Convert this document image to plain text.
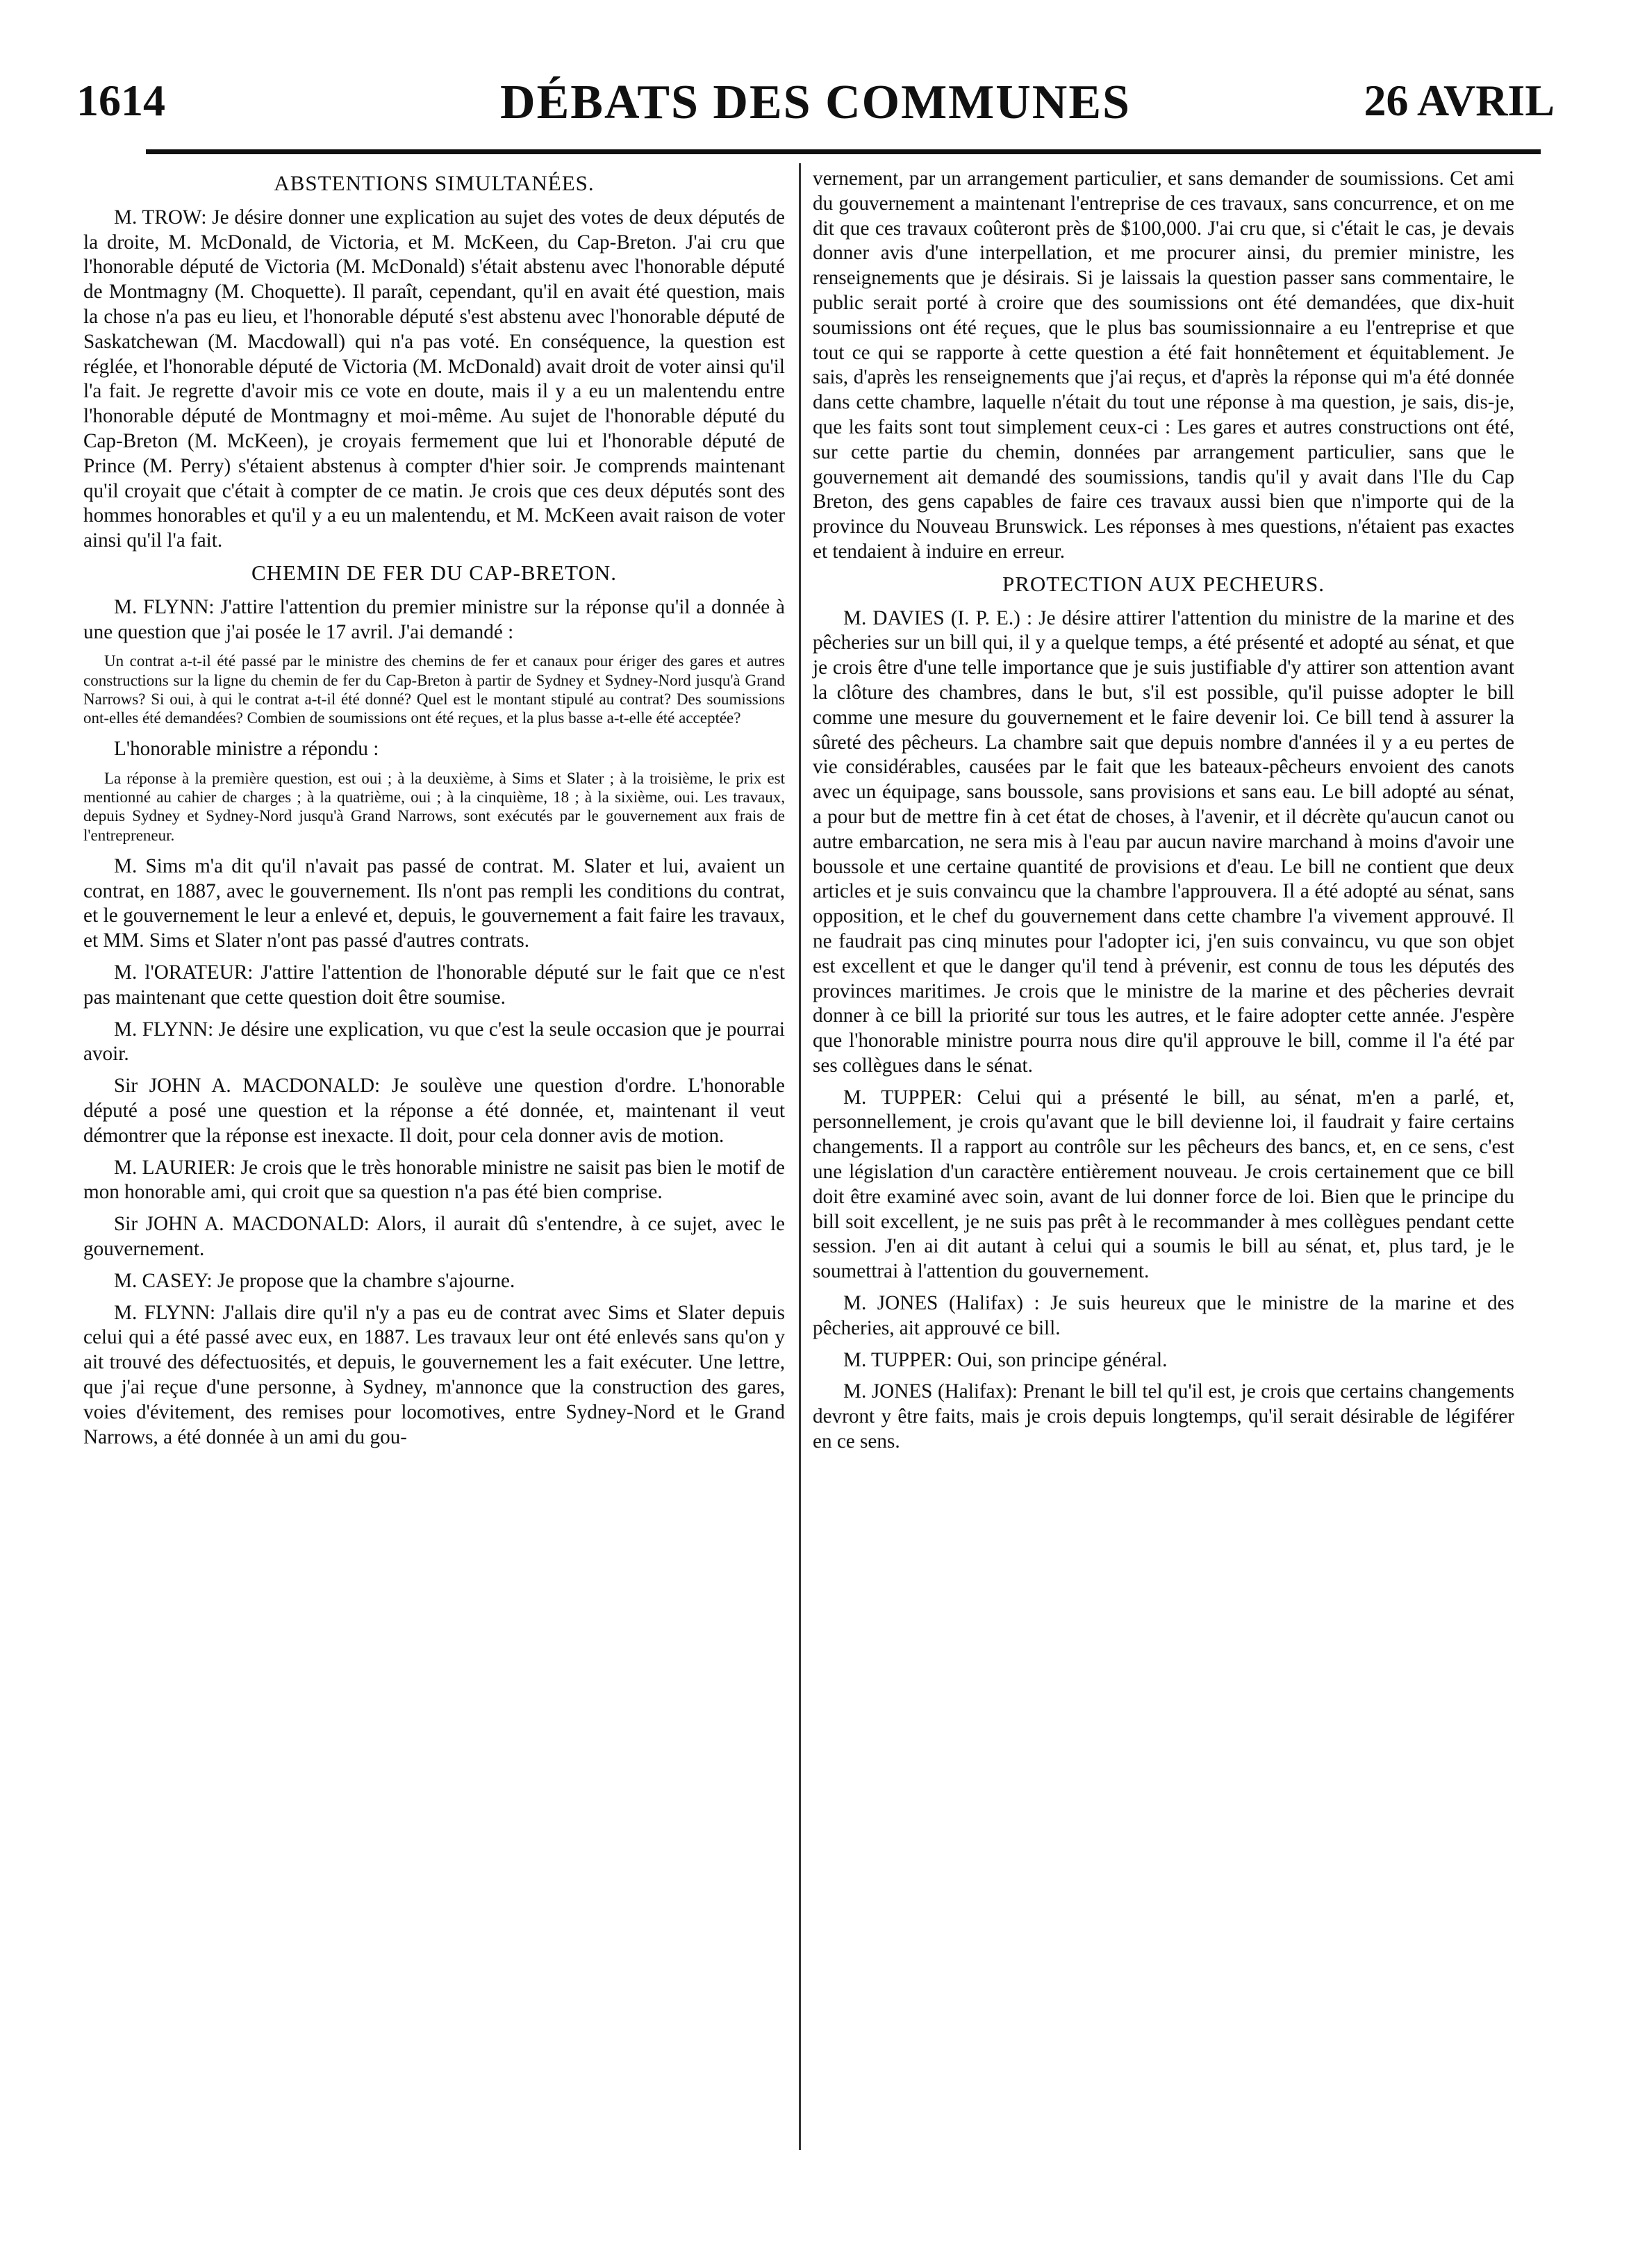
1614	DÉBATS DES COMMUNES	26 AVRIL
ABSTENTIONS SIMULTANÉES.

M. TROW: Je désire donner une explication au sujet des votes de deux députés de la droite, M. McDonald, de Victoria, et M. McKeen, du Cap-Breton. J'ai cru que l'honorable député de Victoria (M. McDonald) s'était abstenu avec l'honorable député de Montmagny (M. Choquette). Il paraît, cependant, qu'il en avait été question, mais la chose n'a pas eu lieu, et l'honorable député s'est abstenu avec l'honorable député de Saskatchewan (M. Macdowall) qui n'a pas voté. En conséquence, la question est réglée, et l'honorable député de Victoria (M. McDonald) avait droit de voter ainsi qu'il l'a fait. Je regrette d'avoir mis ce vote en doute, mais il y a eu un malentendu entre l'honorable député de Montmagny et moi-même. Au sujet de l'honorable député du Cap-Breton (M. McKeen), je croyais fermement que lui et l'honorable député de Prince (M. Perry) s'étaient abstenus à compter d'hier soir. Je comprends maintenant qu'il croyait que c'était à compter de ce matin. Je crois que ces deux députés sont des hommes honorables et qu'il y a eu un malentendu, et M. McKeen avait raison de voter ainsi qu'il l'a fait.

CHEMIN DE FER DU CAP-BRETON.

M. FLYNN: J'attire l'attention du premier ministre sur la réponse qu'il a donnée à une question que j'ai posée le 17 avril. J'ai demandé :

Un contrat a-t-il été passé par le ministre des chemins de fer et canaux pour ériger des gares et autres constructions sur la ligne du chemin de fer du Cap-Breton à partir de Sydney et Sydney-Nord jusqu'à Grand Narrows? Si oui, à qui le contrat a-t-il été donné? Quel est le montant stipulé au contrat? Des soumissions ont-elles été demandées? Combien de soumissions ont été reçues, et la plus basse a-t-elle été acceptée?

L'honorable ministre a répondu :

La réponse à la première question, est oui ; à la deuxième, à Sims et Slater ; à la troisième, le prix est mentionné au cahier de charges ; à la quatrième, oui ; à la cinquième, 18 ; à la sixième, oui. Les travaux, depuis Sydney et Sydney-Nord jusqu'à Grand Narrows, sont exécutés par le gouvernement aux frais de l'entrepreneur.

M. Sims m'a dit qu'il n'avait pas passé de contrat. M. Slater et lui, avaient un contrat, en 1887, avec le gouvernement. Ils n'ont pas rempli les conditions du contrat, et le gouvernement le leur a enlevé et, depuis, le gouvernement a fait faire les travaux, et MM. Sims et Slater n'ont pas passé d'autres contrats.

M. l'ORATEUR: J'attire l'attention de l'honorable député sur le fait que ce n'est pas maintenant que cette question doit être soumise.

M. FLYNN: Je désire une explication, vu que c'est la seule occasion que je pourrai avoir.

Sir JOHN A. MACDONALD: Je soulève une question d'ordre. L'honorable député a posé une question et la réponse a été donnée, et, maintenant il veut démontrer que la réponse est inexacte. Il doit, pour cela donner avis de motion.

M. LAURIER: Je crois que le très honorable ministre ne saisit pas bien le motif de mon honorable ami, qui croit que sa question n'a pas été bien comprise.

Sir JOHN A. MACDONALD: Alors, il aurait dû s'entendre, à ce sujet, avec le gouvernement.

M. CASEY: Je propose que la chambre s'ajourne.

M. FLYNN: J'allais dire qu'il n'y a pas eu de contrat avec Sims et Slater depuis celui qui a été passé avec eux, en 1887. Les travaux leur ont été enlevés sans qu'on y ait trouvé des défectuosités, et depuis, le gouvernement les a fait exécuter. Une lettre, que j'ai reçue d'une personne, à Sydney, m'annonce que la construction des gares, voies d'évitement, des remises pour locomotives, entre Sydney-Nord et le Grand Narrows, a été donnée à un ami du gou-

vernement, par un arrangement particulier, et sans demander de soumissions. Cet ami du gouvernement a maintenant l'entreprise de ces travaux, sans concurrence, et on me dit que ces travaux coûteront près de $100,000. J'ai cru que, si c'était le cas, je devais donner avis d'une interpellation, et me procurer ainsi, du premier ministre, les renseignements que je désirais. Si je laissais la question passer sans commentaire, le public serait porté à croire que des soumissions ont été demandées, que dix-huit soumissions ont été reçues, que le plus bas soumissionnaire a eu l'entreprise et que tout ce qui se rapporte à cette question a été fait honnêtement et équitablement. Je sais, d'après les renseignements que j'ai reçus, et d'après la réponse qui m'a été donnée dans cette chambre, laquelle n'était du tout une réponse à ma question, je sais, dis-je, que les faits sont tout simplement ceux-ci : Les gares et autres constructions ont été, sur cette partie du chemin, données par arrangement particulier, sans que le gouvernement ait demandé des soumissions, tandis qu'il y avait dans l'Ile du Cap Breton, des gens capables de faire ces travaux aussi bien que n'importe qui de la province du Nouveau Brunswick. Les réponses à mes questions, n'étaient pas exactes et tendaient à induire en erreur.

PROTECTION AUX PECHEURS.

M. DAVIES (I. P. E.) : Je désire attirer l'attention du ministre de la marine et des pêcheries sur un bill qui, il y a quelque temps, a été présenté et adopté au sénat, et que je crois être d'une telle importance que je suis justifiable d'y attirer son attention avant la clôture des chambres, dans le but, s'il est possible, qu'il puisse adopter le bill comme une mesure du gouvernement et le faire devenir loi. Ce bill tend à assurer la sûreté des pêcheurs. La chambre sait que depuis nombre d'années il y a eu pertes de vie considérables, causées par le fait que les bateaux-pêcheurs envoient des canots avec un équipage, sans boussole, sans provisions et sans eau. Le bill adopté au sénat, a pour but de mettre fin à cet état de choses, à l'avenir, et il décrète qu'aucun canot ou autre embarcation, ne sera mis à l'eau par aucun navire marchand à moins d'avoir une boussole et une certaine quantité de provisions et d'eau. Le bill ne contient que deux articles et je suis convaincu que la chambre l'approuvera. Il a été adopté au sénat, sans opposition, et le chef du gouvernement dans cette chambre l'a vivement approuvé. Il ne faudrait pas cinq minutes pour l'adopter ici, j'en suis convaincu, vu que son objet est excellent et que le danger qu'il tend à prévenir, est connu de tous les députés des provinces maritimes. Je crois que le ministre de la marine et des pêcheries devrait donner à ce bill la priorité sur tous les autres, et le faire adopter cette année. J'espère que l'honorable ministre pourra nous dire qu'il approuve le bill, comme il l'a été par ses collègues dans le sénat.

M. TUPPER: Celui qui a présenté le bill, au sénat, m'en a parlé, et, personnellement, je crois qu'avant que le bill devienne loi, il faudrait y faire certains changements. Il a rapport au contrôle sur les pêcheurs des bancs, et, en ce sens, c'est une législation d'un caractère entièrement nouveau. Je crois certainement que ce bill doit être examiné avec soin, avant de lui donner force de loi. Bien que le principe du bill soit excellent, je ne suis pas prêt à le recommander à mes collègues pendant cette session. J'en ai dit autant à celui qui a soumis le bill au sénat, et, plus tard, je le soumettrai à l'attention du gouvernement.

M. JONES (Halifax) : Je suis heureux que le ministre de la marine et des pêcheries, ait approuvé ce bill.

M. TUPPER: Oui, son principe général.

M. JONES (Halifax): Prenant le bill tel qu'il est, je crois que certains changements devront y être faits, mais je crois depuis longtemps, qu'il serait désirable de légiférer en ce sens.
